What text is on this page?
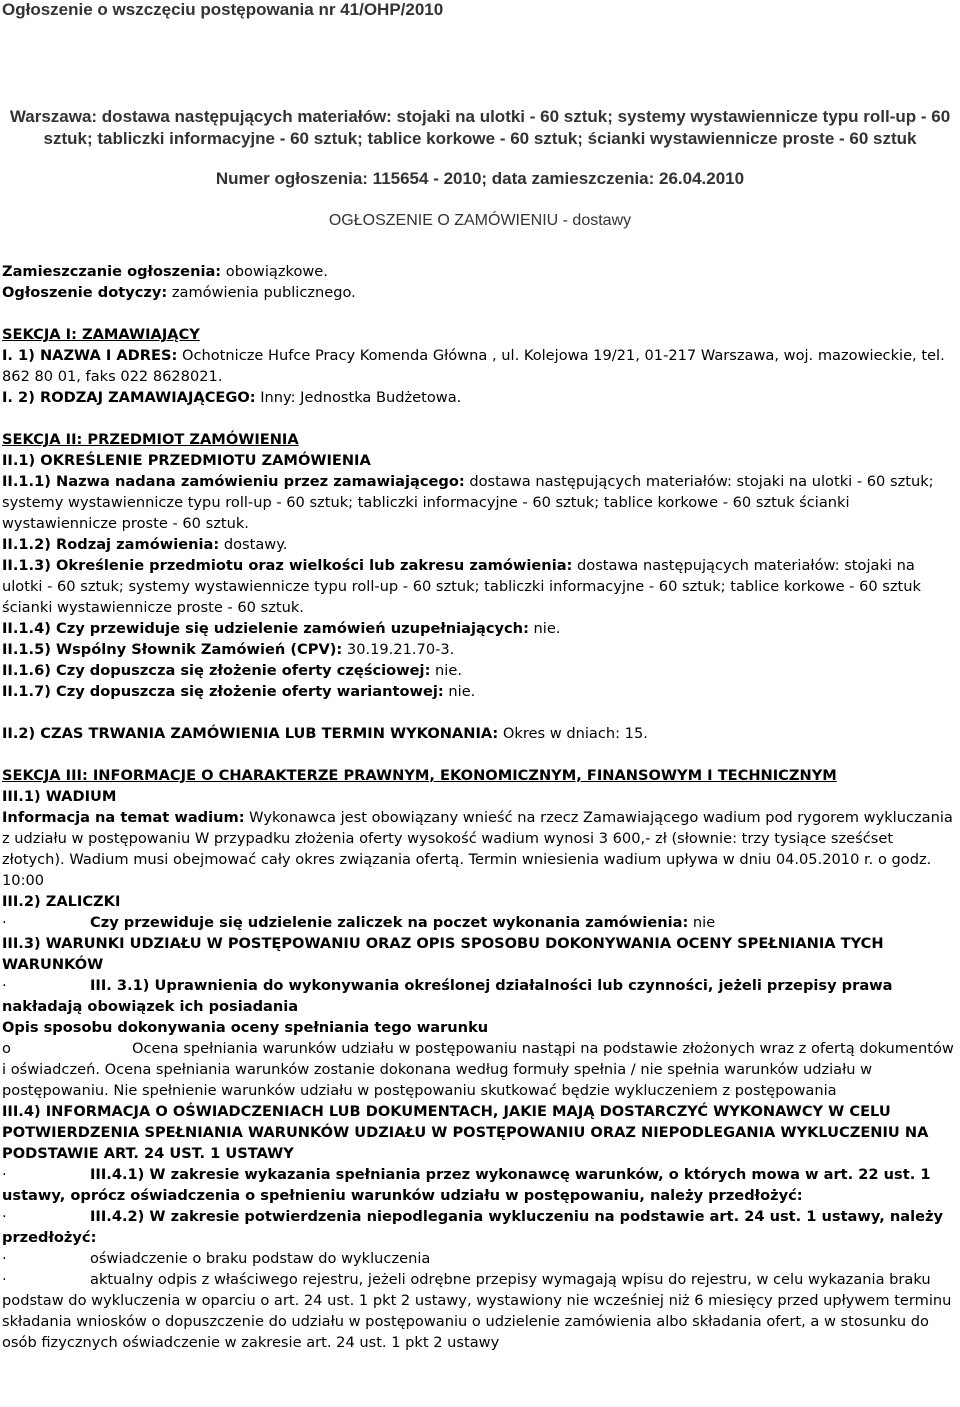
Ogłoszenie o wszczęciu postępowania nr 41/OHP/2010
Warszawa: dostawa następujących materiałów: stojaki na ulotki - 60 sztuk; systemy wystawiennicze typu roll-up - 60 sztuk; tabliczki informacyjne - 60 sztuk; tablice korkowe - 60 sztuk; ścianki wystawiennicze proste - 60 sztuk
Numer ogłoszenia: 115654 - 2010; data zamieszczenia: 26.04.2010
OGŁOSZENIE O ZAMÓWIENIU - dostawy
Zamieszczanie ogłoszenia: obowiązkowe.
Ogłoszenie dotyczy: zamówienia publicznego.
SEKCJA I: ZAMAWIAJĄCY
I. 1) NAZWA I ADRES: Ochotnicze Hufce Pracy Komenda Główna , ul. Kolejowa 19/21, 01-217 Warszawa, woj. mazowieckie, tel. 862 80 01, faks 022 8628021.
I. 2) RODZAJ ZAMAWIAJĄCEGO: Inny: Jednostka Budżetowa.
SEKCJA II: PRZEDMIOT ZAMÓWIENIA
II.1) OKREŚLENIE PRZEDMIOTU ZAMÓWIENIA
II.1.1) Nazwa nadana zamówieniu przez zamawiającego: dostawa następujących materiałów: stojaki na ulotki - 60 sztuk; systemy wystawiennicze typu roll-up - 60 sztuk; tabliczki informacyjne - 60 sztuk; tablice korkowe - 60 sztuk ścianki wystawiennicze proste - 60 sztuk.
II.1.2) Rodzaj zamówienia: dostawy.
II.1.3) Określenie przedmiotu oraz wielkości lub zakresu zamówienia: dostawa następujących materiałów: stojaki na ulotki - 60 sztuk; systemy wystawiennicze typu roll-up - 60 sztuk; tabliczki informacyjne - 60 sztuk; tablice korkowe - 60 sztuk ścianki wystawiennicze proste - 60 sztuk.
II.1.4) Czy przewiduje się udzielenie zamówień uzupełniających: nie.
II.1.5) Wspólny Słownik Zamówień (CPV): 30.19.21.70-3.
II.1.6) Czy dopuszcza się złożenie oferty częściowej: nie.
II.1.7) Czy dopuszcza się złożenie oferty wariantowej: nie.
II.2) CZAS TRWANIA ZAMÓWIENIA LUB TERMIN WYKONANIA: Okres w dniach: 15.
SEKCJA III: INFORMACJE O CHARAKTERZE PRAWNYM, EKONOMICZNYM, FINANSOWYM I TECHNICZNYM
III.1) WADIUM
Informacja na temat wadium: Wykonawca jest obowiązany wnieść na rzecz Zamawiającego wadium pod rygorem wykluczania z udziału w postępowaniu W przypadku złożenia oferty wysokość wadium wynosi 3 600,- zł (słownie: trzy tysiące sześćset złotych). Wadium musi obejmować cały okres związania ofertą. Termin wniesienia wadium upływa w dniu 04.05.2010 r. o godz. 10:00
III.2) ZALICZKI
·	Czy przewiduje się udzielenie zaliczek na poczet wykonania zamówienia: nie
III.3) WARUNKI UDZIAŁU W POSTĘPOWANIU ORAZ OPIS SPOSOBU DOKONYWANIA OCENY SPEŁNIANIA TYCH WARUNKÓW
·	III. 3.1) Uprawnienia do wykonywania określonej działalności lub czynności, jeżeli przepisy prawa nakładają obowiązek ich posiadania
Opis sposobu dokonywania oceny spełniania tego warunku
o	Ocena spełniania warunków udziału w postępowaniu nastąpi na podstawie złożonych wraz z ofertą dokumentów i oświadczeń. Ocena spełniania warunków zostanie dokonana według formuły spełnia / nie spełnia warunków udziału w postępowaniu. Nie spełnienie warunków udziału w postępowaniu skutkować będzie wykluczeniem z postępowania
III.4) INFORMACJA O OŚWIADCZENIACH LUB DOKUMENTACH, JAKIE MAJĄ DOSTARCZYĆ WYKONAWCY W CELU POTWIERDZENIA SPEŁNIANIA WARUNKÓW UDZIAŁU W POSTĘPOWANIU ORAZ NIEPODLEGANIA WYKLUCZENIU NA PODSTAWIE ART. 24 UST. 1 USTAWY
·	III.4.1) W zakresie wykazania spełniania przez wykonawcę warunków, o których mowa w art. 22 ust. 1 ustawy, oprócz oświadczenia o spełnieniu warunków udziału w postępowaniu, należy przedłożyć:
·	III.4.2) W zakresie potwierdzenia niepodlegania wykluczeniu na podstawie art. 24 ust. 1 ustawy, należy przedłożyć:
·	oświadczenie o braku podstaw do wykluczenia
·	aktualny odpis z właściwego rejestru, jeżeli odrębne przepisy wymagają wpisu do rejestru, w celu wykazania braku podstaw do wykluczenia w oparciu o art. 24 ust. 1 pkt 2 ustawy, wystawiony nie wcześniej niż 6 miesięcy przed upływem terminu składania wniosków o dopuszczenie do udziału w postępowaniu o udzielenie zamówienia albo składania ofert, a w stosunku do osób fizycznych oświadczenie w zakresie art. 24 ust. 1 pkt 2 ustawy
